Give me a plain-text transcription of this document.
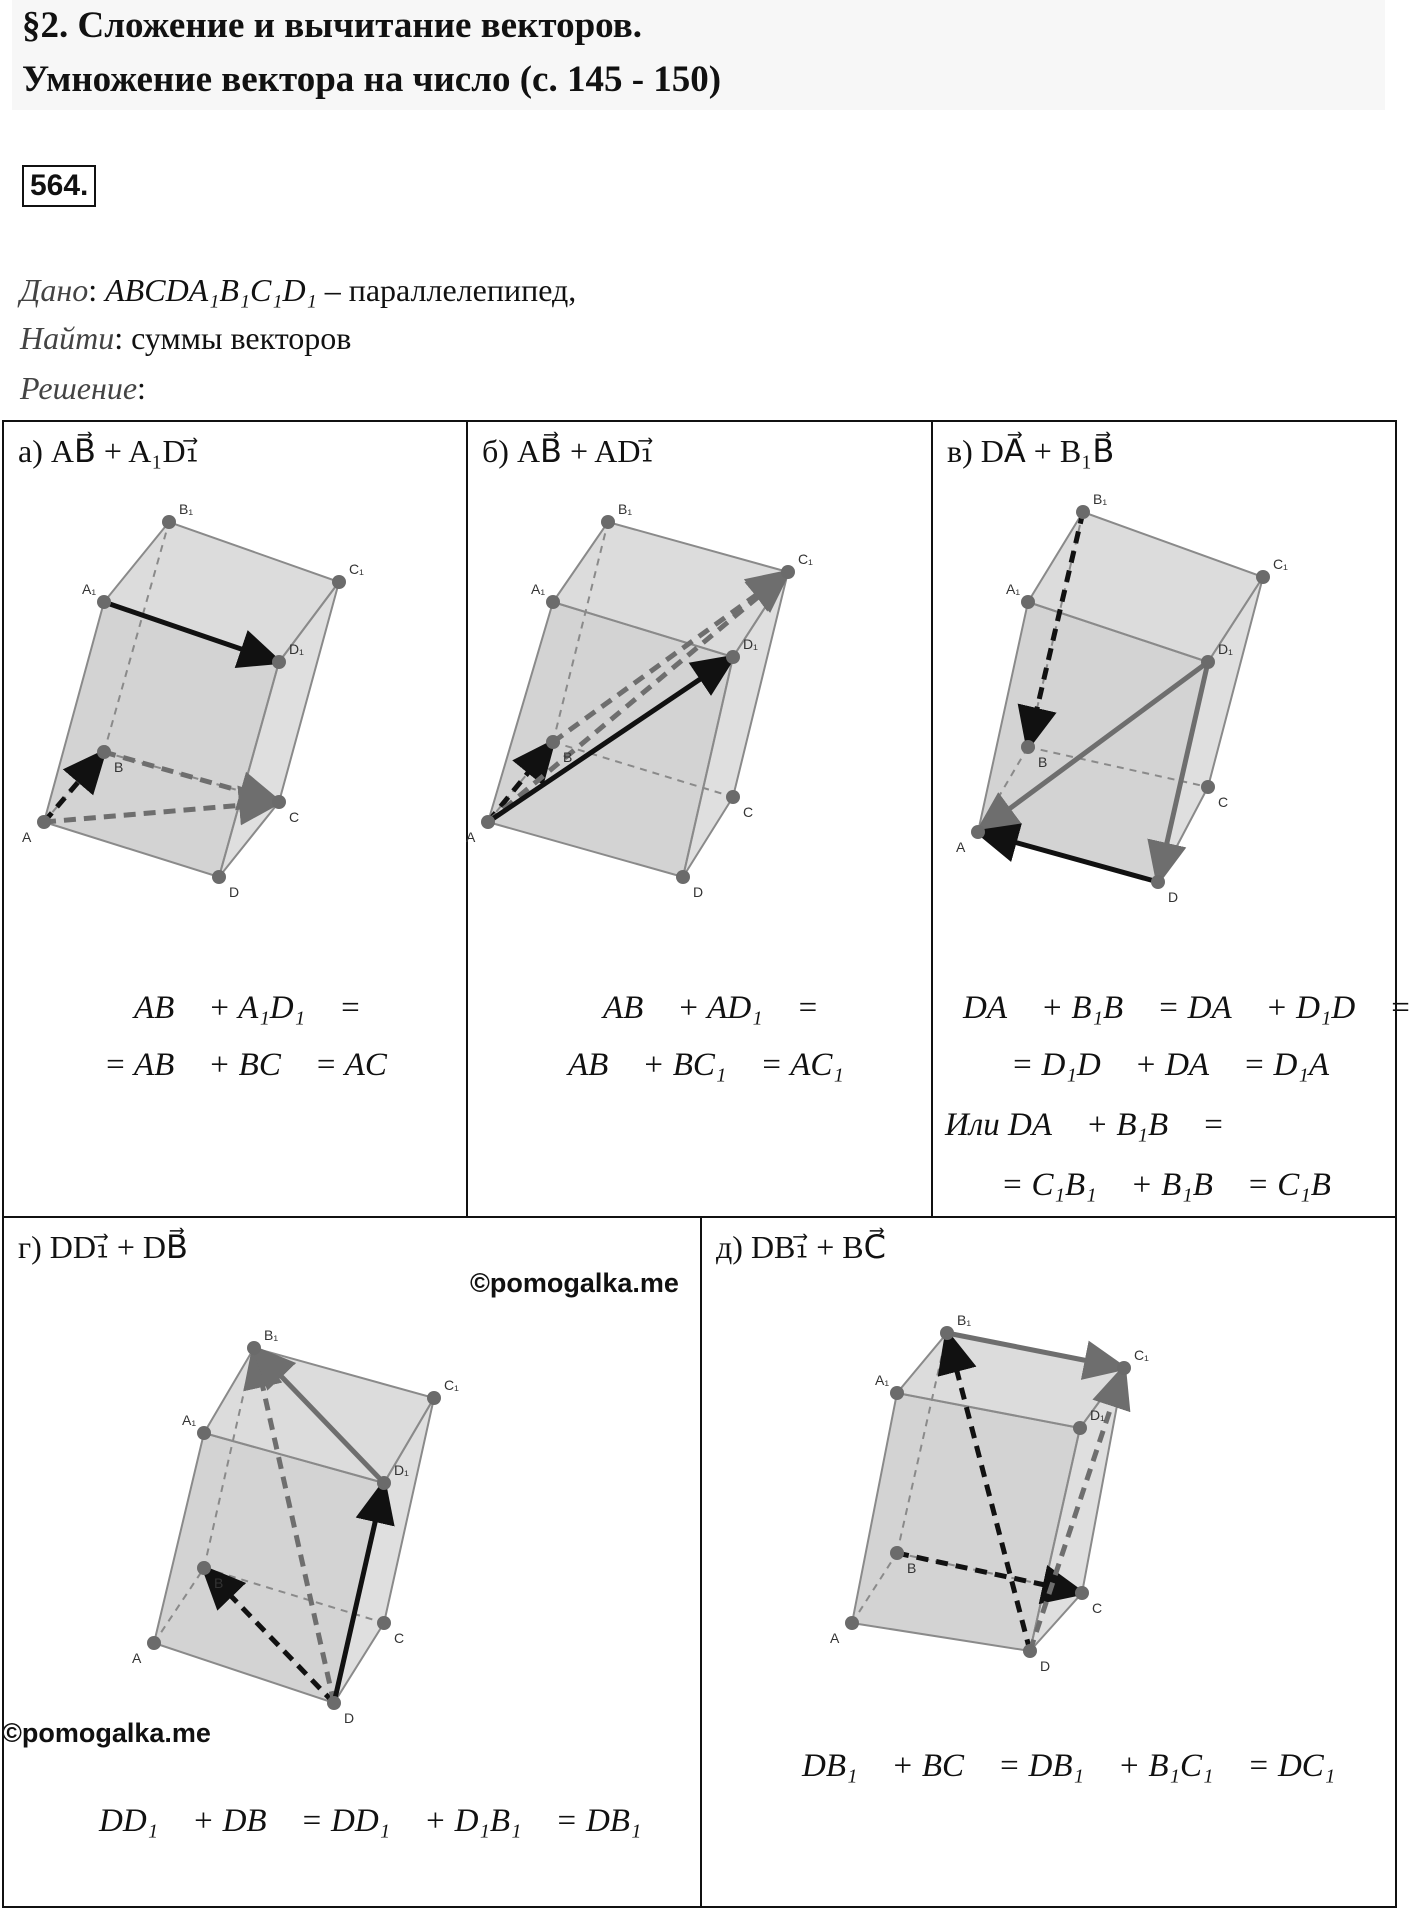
§2. Сложение и вычитание векторов.
Умножение вектора на число (с. 145 - 150)
564.
Дано: ABCDA₁B₁C₁D₁ – параллелепипед,
Найти: суммы векторов
Решение:
а) AB⃗ + A₁D₁⃗
A
B
C
D
A₁
B₁
C₁
D₁
AB⃗ + A₁D₁⃗ =
= AB⃗ + BC⃗ = AC⃗
б) AB⃗ + AD₁⃗
A
B
C
D
A₁
B₁
C₁
D₁
AB⃗ + AD₁⃗ =
AB⃗ + BC₁⃗ = AC₁⃗
в) DA⃗ + B₁B⃗
A
B
C
D
A₁
B₁
C₁
D₁
DA⃗ + B₁B⃗ = DA⃗ + D₁D⃗ =
= D₁D⃗ + DA⃗ = D₁A⃗
Или DA⃗ + B₁B⃗ =
= C₁B₁⃗ + B₁B⃗ = C₁B⃗
г) DD₁⃗ + DB⃗
A
B
C
D
A₁
B₁
C₁
D₁
DD₁⃗ + DB⃗ = DD₁⃗ + D₁B₁⃗ = DB₁⃗
д) DB₁⃗ + BC⃗
A
B
C
D
A₁
B₁
C₁
D₁
DB₁⃗ + BC⃗ = DB₁⃗ + B₁C₁⃗ = DC₁⃗
©pomogalka.me
©pomogalka.me
